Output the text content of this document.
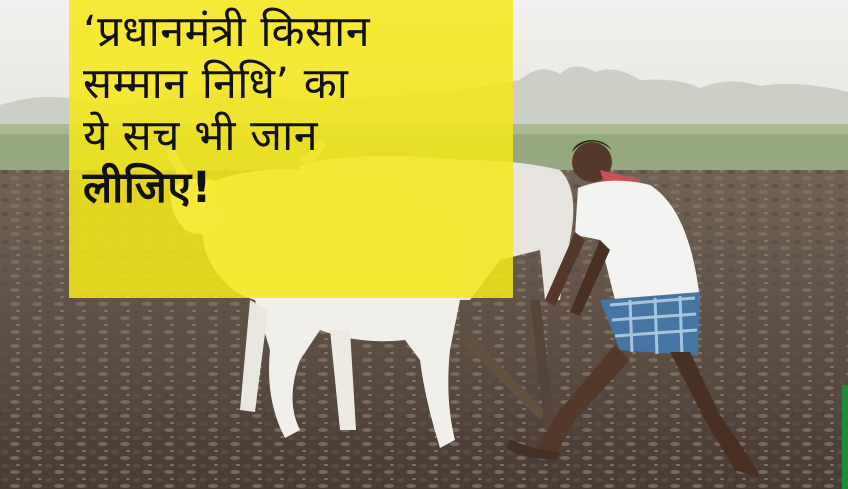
‘प्रधानमंत्री किसान
सम्मान निधि’ का
ये सच भी जान
लीजिए!
